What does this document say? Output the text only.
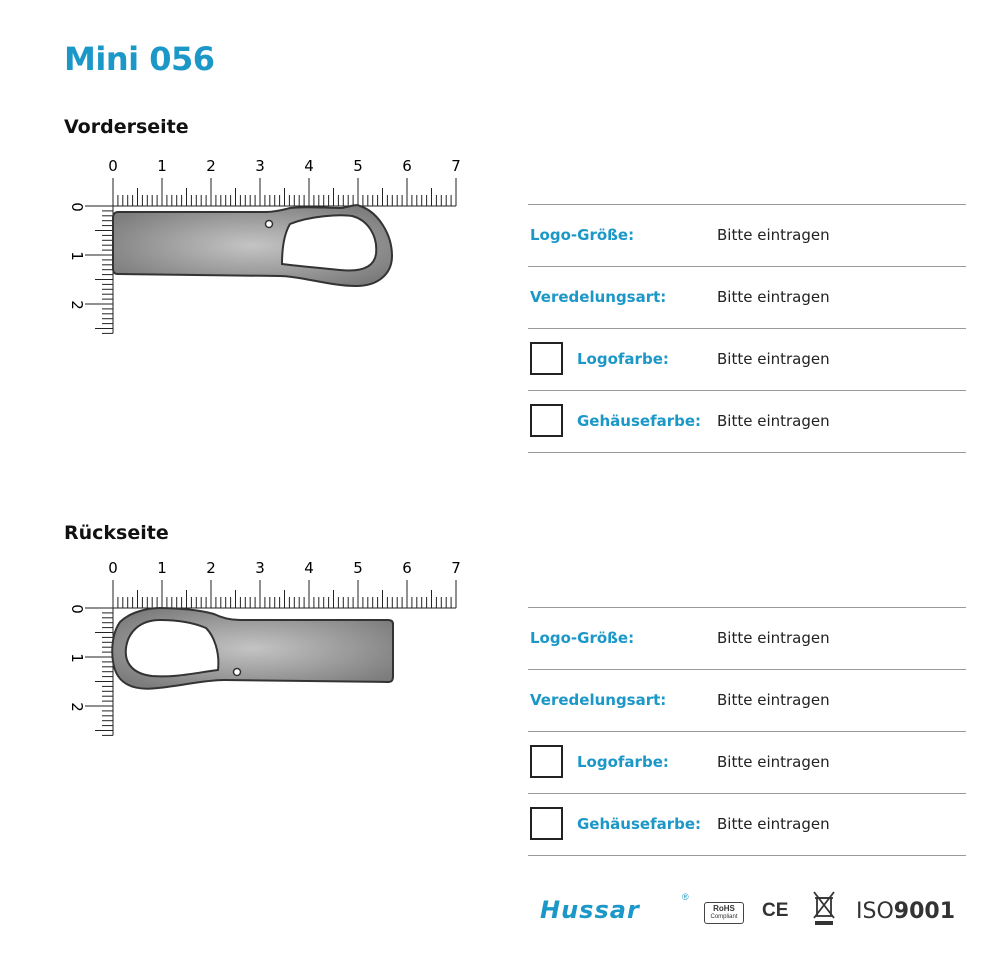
Mini 056
Vorderseite
0	1	2	3	4	5	6	7
0
1
2
Logo-Größe:	Bitte eintragen
Veredelungsart:	Bitte eintragen
Logofarbe:	Bitte eintragen
Gehäusefarbe: Bitte eintragen
Rückseite
0	1	2	3	4	5	6	7
0
1
2
Logo-Größe:	Bitte eintragen
Veredelungsart:	Bitte eintragen
Logofarbe:	Bitte eintragen
Gehäusefarbe: Bitte eintragen
Hussar	®
RoHS
Compliant CE	ISO9001
